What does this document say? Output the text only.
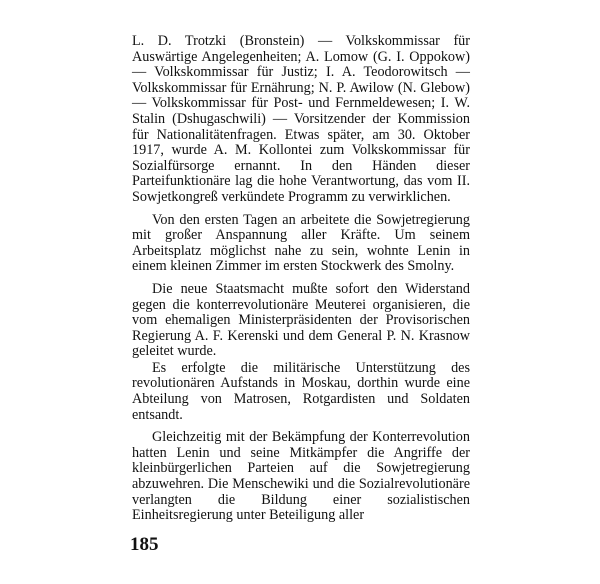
L. D. Trotzki (Bronstein) — Volkskommissar für Auswärtige Angelegenheiten; A. Lomow (G. I. Oppokow) — Volkskommissar für Justiz; I. A. Teodorowitsch — Volkskommissar für Ernährung; N. P. Awilow (N. Glebow) — Volkskommissar für Post- und Fernmeldewesen; I. W. Stalin (Dshugaschwili) — Vorsitzender der Kommission für Nationalitätenfragen. Etwas später, am 30. Oktober 1917, wurde A. M. Kollontei zum Volkskommissar für Sozialfürsorge ernannt. In den Händen dieser Parteifunktionäre lag die hohe Verantwortung, das vom II. Sowjetkongreß verkündete Programm zu verwirklichen.

Von den ersten Tagen an arbeitete die Sowjetregierung mit großer Anspannung aller Kräfte. Um seinem Arbeitsplatz möglichst nahe zu sein, wohnte Lenin in einem kleinen Zimmer im ersten Stockwerk des Smolny.

Die neue Staatsmacht mußte sofort den Widerstand gegen die konterrevolutionäre Meuterei organisieren, die vom ehemaligen Ministerpräsidenten der Provisorischen Regierung A. F. Kerenski und dem General P. N. Krasnow geleitet wurde.

Es erfolgte die militärische Unterstützung des revolutionären Aufstands in Moskau, dorthin wurde eine Abteilung von Matrosen, Rotgardisten und Soldaten entsandt.

Gleichzeitig mit der Bekämpfung der Konterrevolution hatten Lenin und seine Mitkämpfer die Angriffe der kleinbürgerlichen Parteien auf die Sowjetregierung abzuwehren. Die Menschewiki und die Sozialrevolutionäre verlangten die Bildung einer sozialistischen Einheitsregierung unter Beteiligung aller

185
